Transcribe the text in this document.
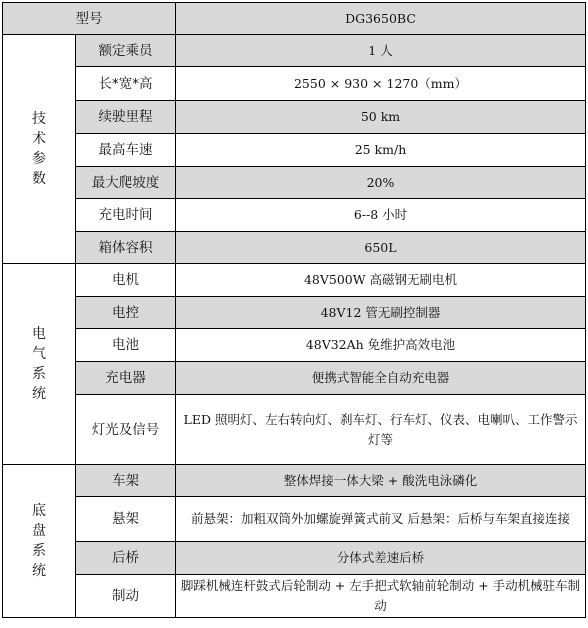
型号		DG3650BC
技术参数	额定乘员	1 人
	长*宽*高	2550 × 930 × 1270（mm）
	续驶里程	50 km
	最高车速	25 km/h
	最大爬坡度	20%
	充电时间	6--8 小时
	箱体容积	650L
电气系统	电机	48V500W 高磁钢无刷电机
	电控	48V12 管无刷控制器
	电池	48V32Ah 免维护高效电池
	充电器	便携式智能全自动充电器
	灯光及信号	LED 照明灯、左右转向灯、刹车灯、行车灯、仪表、电喇叭、工作警示灯等
底盘系统	车架	整体焊接一体大梁 + 酸洗电泳磷化
	悬架	前悬架：加粗双筒外加螺旋弹簧式前叉 后悬架：后桥与车架直接连接
	后桥	分体式差速后桥
	制动	脚踩机械连杆鼓式后轮制动 + 左手把式软轴前轮制动 + 手动机械驻车制动
